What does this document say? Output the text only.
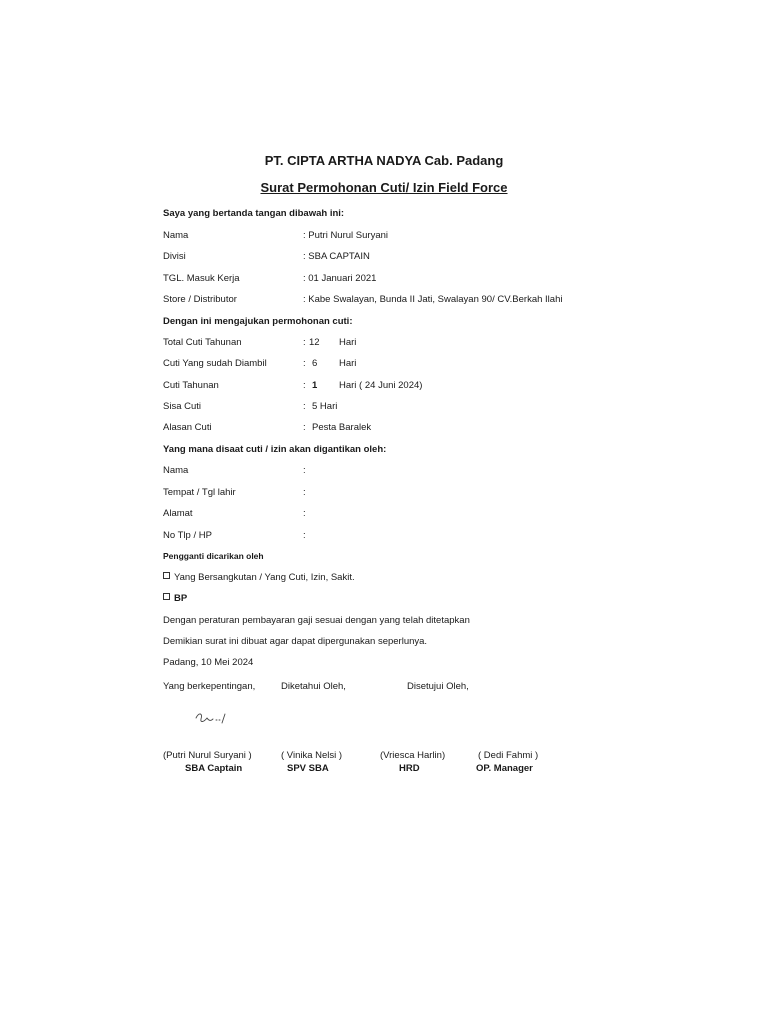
PT. CIPTA ARTHA NADYA Cab. Padang
Surat Permohonan Cuti/ Izin Field Force
Saya yang bertanda tangan dibawah ini:
Nama	: Putri Nurul Suryani
Divisi	: SBA CAPTAIN
TGL. Masuk Kerja	: 01 Januari 2021
Store / Distributor	: Kabe Swalayan, Bunda II Jati, Swalayan 90/ CV.Berkah Ilahi
Dengan ini mengajukan permohonan cuti:
Total Cuti Tahunan	: 12 Hari
Cuti Yang sudah Diambil	: 6 Hari
Cuti Tahunan	: 1 Hari ( 24 Juni 2024)
Sisa Cuti	: 5 Hari
Alasan Cuti	: Pesta Baralek
Yang mana disaat cuti / izin akan digantikan oleh:
Nama	:
Tempat / Tgl lahir	:
Alamat	:
No Tlp / HP	:
Pengganti dicarikan oleh
Yang Bersangkutan / Yang Cuti, Izin, Sakit.
BP
Dengan peraturan pembayaran gaji sesuai dengan yang telah ditetapkan
Demikian surat ini dibuat agar dapat dipergunakan seperlunya.
Padang, 10 Mei 2024
Yang berkepentingan,	Diketahui Oleh,	Disetujui Oleh,
(Putri Nurul Suryani )	( Vinika Nelsi )	(Vriesca Harlin)	( Dedi Fahmi )
SBA Captain	SPV SBA	HRD	OP. Manager
